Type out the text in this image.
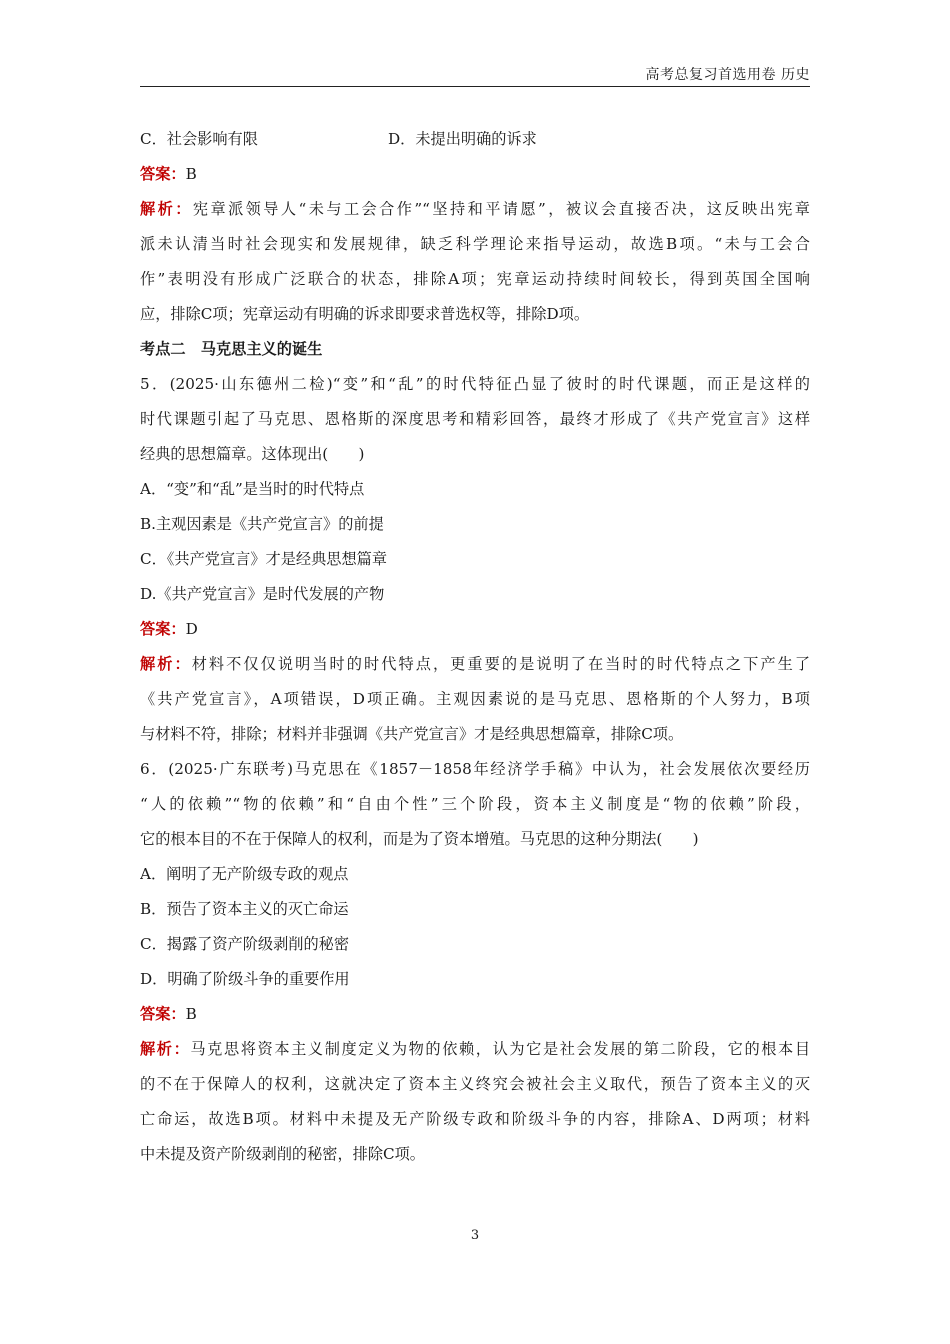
高考总复习首选用卷 历史
C．社会影响有限	D．未提出明确的诉求
答案：B
解析：宪章派领导人“未与工会合作”“坚持和平请愿”，被议会直接否决，这反映出宪章
派未认清当时社会现实和发展规律，缺乏科学理论来指导运动，故选B项。“未与工会合
作”表明没有形成广泛联合的状态，排除A项；宪章运动持续时间较长，得到英国全国响
应，排除C项；宪章运动有明确的诉求即要求普选权等，排除D项。
考点二　马克思主义的诞生
5．(2025·山东德州二检)“变”和“乱”的时代特征凸显了彼时的时代课题，而正是这样的
时代课题引起了马克思、恩格斯的深度思考和精彩回答，最终才形成了《共产党宣言》这样
经典的思想篇章。这体现出(　　)
A．“变”和“乱”是当时的时代特点
B.主观因素是《共产党宣言》的前提
C．《共产党宣言》才是经典思想篇章
D.《共产党宣言》是时代发展的产物
答案：D
解析：材料不仅仅说明当时的时代特点，更重要的是说明了在当时的时代特点之下产生了
《共产党宣言》，A项错误，D项正确。主观因素说的是马克思、恩格斯的个人努力，B项
与材料不符，排除；材料并非强调《共产党宣言》才是经典思想篇章，排除C项。
6．(2025·广东联考)马克思在《1857－1858年经济学手稿》中认为，社会发展依次要经历
“人的依赖”“物的依赖”和“自由个性”三个阶段，资本主义制度是“物的依赖”阶段，
它的根本目的不在于保障人的权利，而是为了资本增殖。马克思的这种分期法(　　)
A．阐明了无产阶级专政的观点
B．预告了资本主义的灭亡命运
C．揭露了资产阶级剥削的秘密
D．明确了阶级斗争的重要作用
答案：B
解析：马克思将资本主义制度定义为物的依赖，认为它是社会发展的第二阶段，它的根本目
的不在于保障人的权利，这就决定了资本主义终究会被社会主义取代，预告了资本主义的灭
亡命运，故选B项。材料中未提及无产阶级专政和阶级斗争的内容，排除A、D两项；材料
中未提及资产阶级剥削的秘密，排除C项。
3
